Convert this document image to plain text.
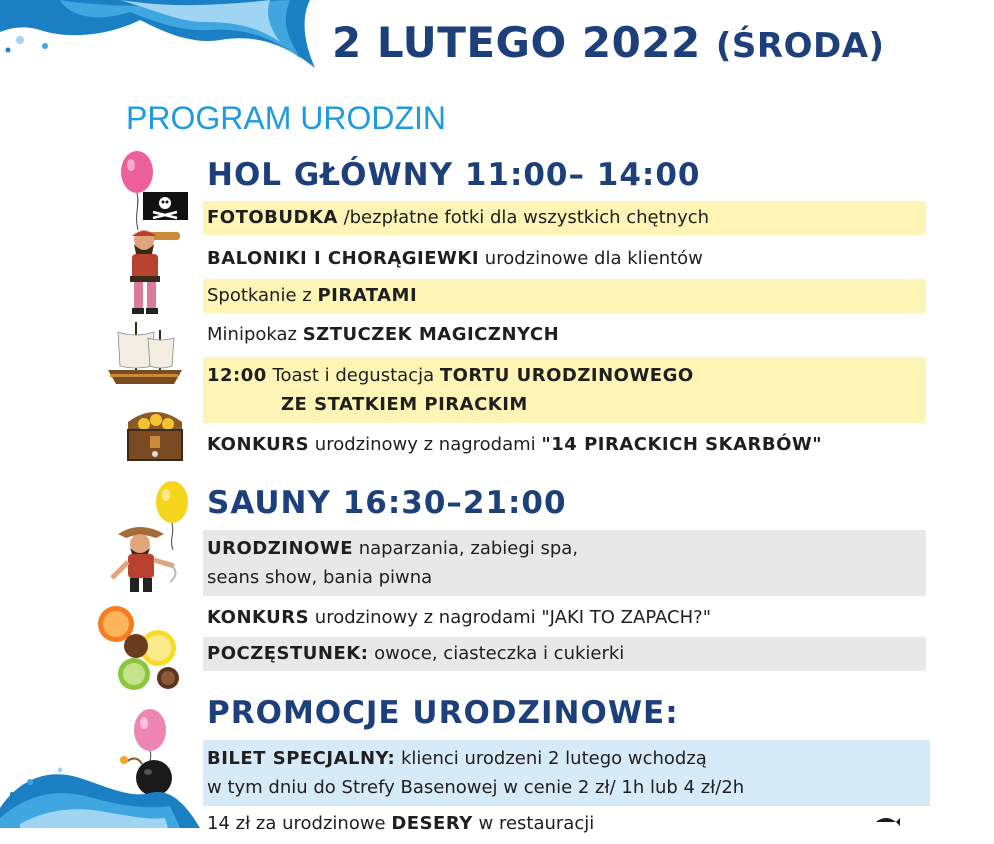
2 LUTEGO 2022 (ŚRODA)
PROGRAM URODZIN
HOL GŁÓWNY 11:00– 14:00
FOTOBUDKA /bezpłatne fotki dla wszystkich chętnych
BALONIKI I CHORĄGIEWKI urodzinowe dla klientów
Spotkanie z PIRATAMI
Minipokaz SZTUCZEK MAGICZNYCH
12:00 Toast i degustacja TORTU URODZINOWEGO
ZE STATKIEM PIRACKIM
KONKURS urodzinowy z nagrodami "14 PIRACKICH SKARBÓW"
SAUNY 16:30–21:00
URODZINOWE naparzania, zabiegi spa,
seans show, bania piwna
KONKURS urodzinowy z nagrodami "JAKI TO ZAPACH?"
POCZĘSTUNEK: owoce, ciasteczka i cukierki
PROMOCJE URODZINOWE:
BILET SPECJALNY: klienci urodzeni 2 lutego wchodzą
w tym dniu do Strefy Basenowej w cenie 2 zł/ 1h lub 4 zł/2h
14 zł za urodzinowe DESERY w restauracji
